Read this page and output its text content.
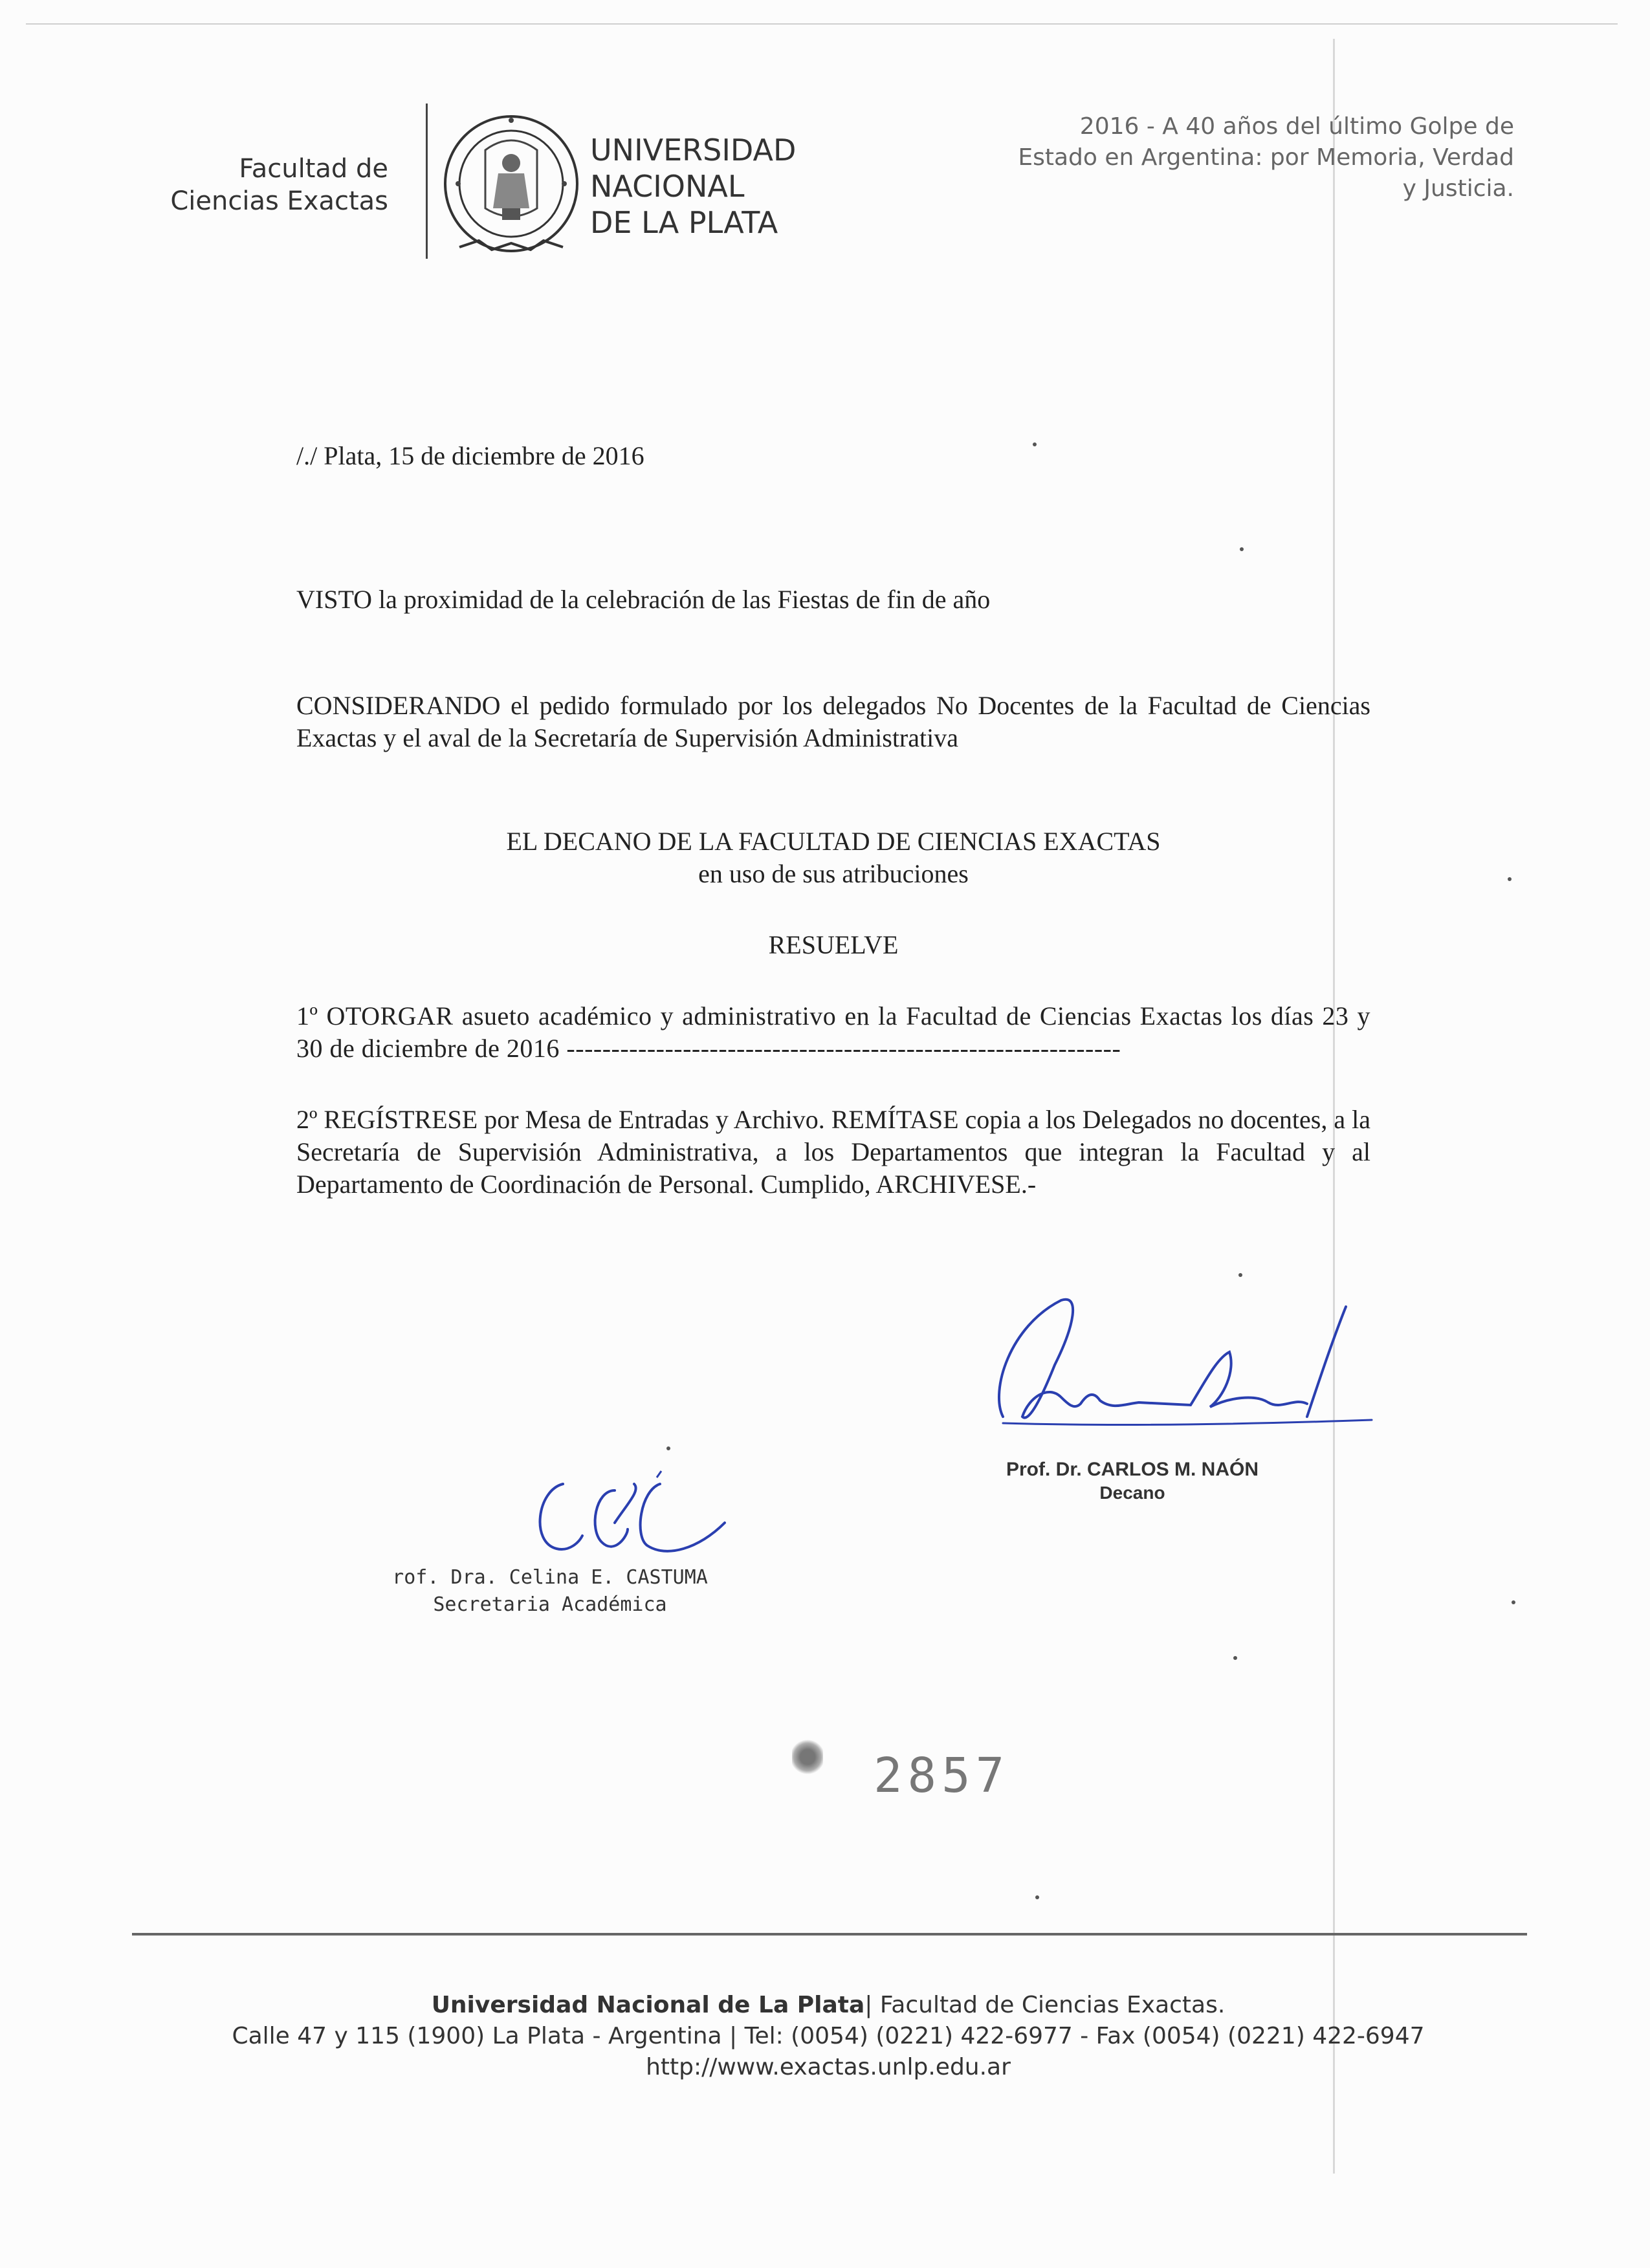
Facultad de Ciencias Exactas
UNIVERSIDAD
NACIONAL
DE LA PLATA
2016 - A 40 años del último Golpe de Estado en Argentina: por Memoria, Verdad y Justicia.
/./ Plata, 15 de diciembre de 2016
VISTO la proximidad de la celebración de las Fiestas de fin de año
CONSIDERANDO el pedido formulado por los delegados No Docentes de la Facultad de Ciencias Exactas y el aval de la Secretaría de Supervisión Administrativa
EL DECANO DE LA FACULTAD DE CIENCIAS EXACTAS
en uso de sus atribuciones
RESUELVE
1º OTORGAR asueto académico y administrativo en la Facultad de Ciencias Exactas los días 23 y 30 de diciembre de 2016 --------------------------------------------------------------
2º REGÍSTRESE por Mesa de Entradas y Archivo. REMÍTASE copia a los Delegados no docentes, a la Secretaría de Supervisión Administrativa, a los Departamentos que integran la Facultad y al Departamento de Coordinación de Personal. Cumplido, ARCHIVESE.-
Prof. Dr. CARLOS M. NAÓN
Decano
rof. Dra. Celina E. CASTUMA
Secretaria Académica
2857
Universidad Nacional de La Plata| Facultad de Ciencias Exactas.
Calle 47 y 115 (1900) La Plata - Argentina | Tel: (0054) (0221) 422-6977 - Fax (0054) (0221) 422-6947
http://www.exactas.unlp.edu.ar
